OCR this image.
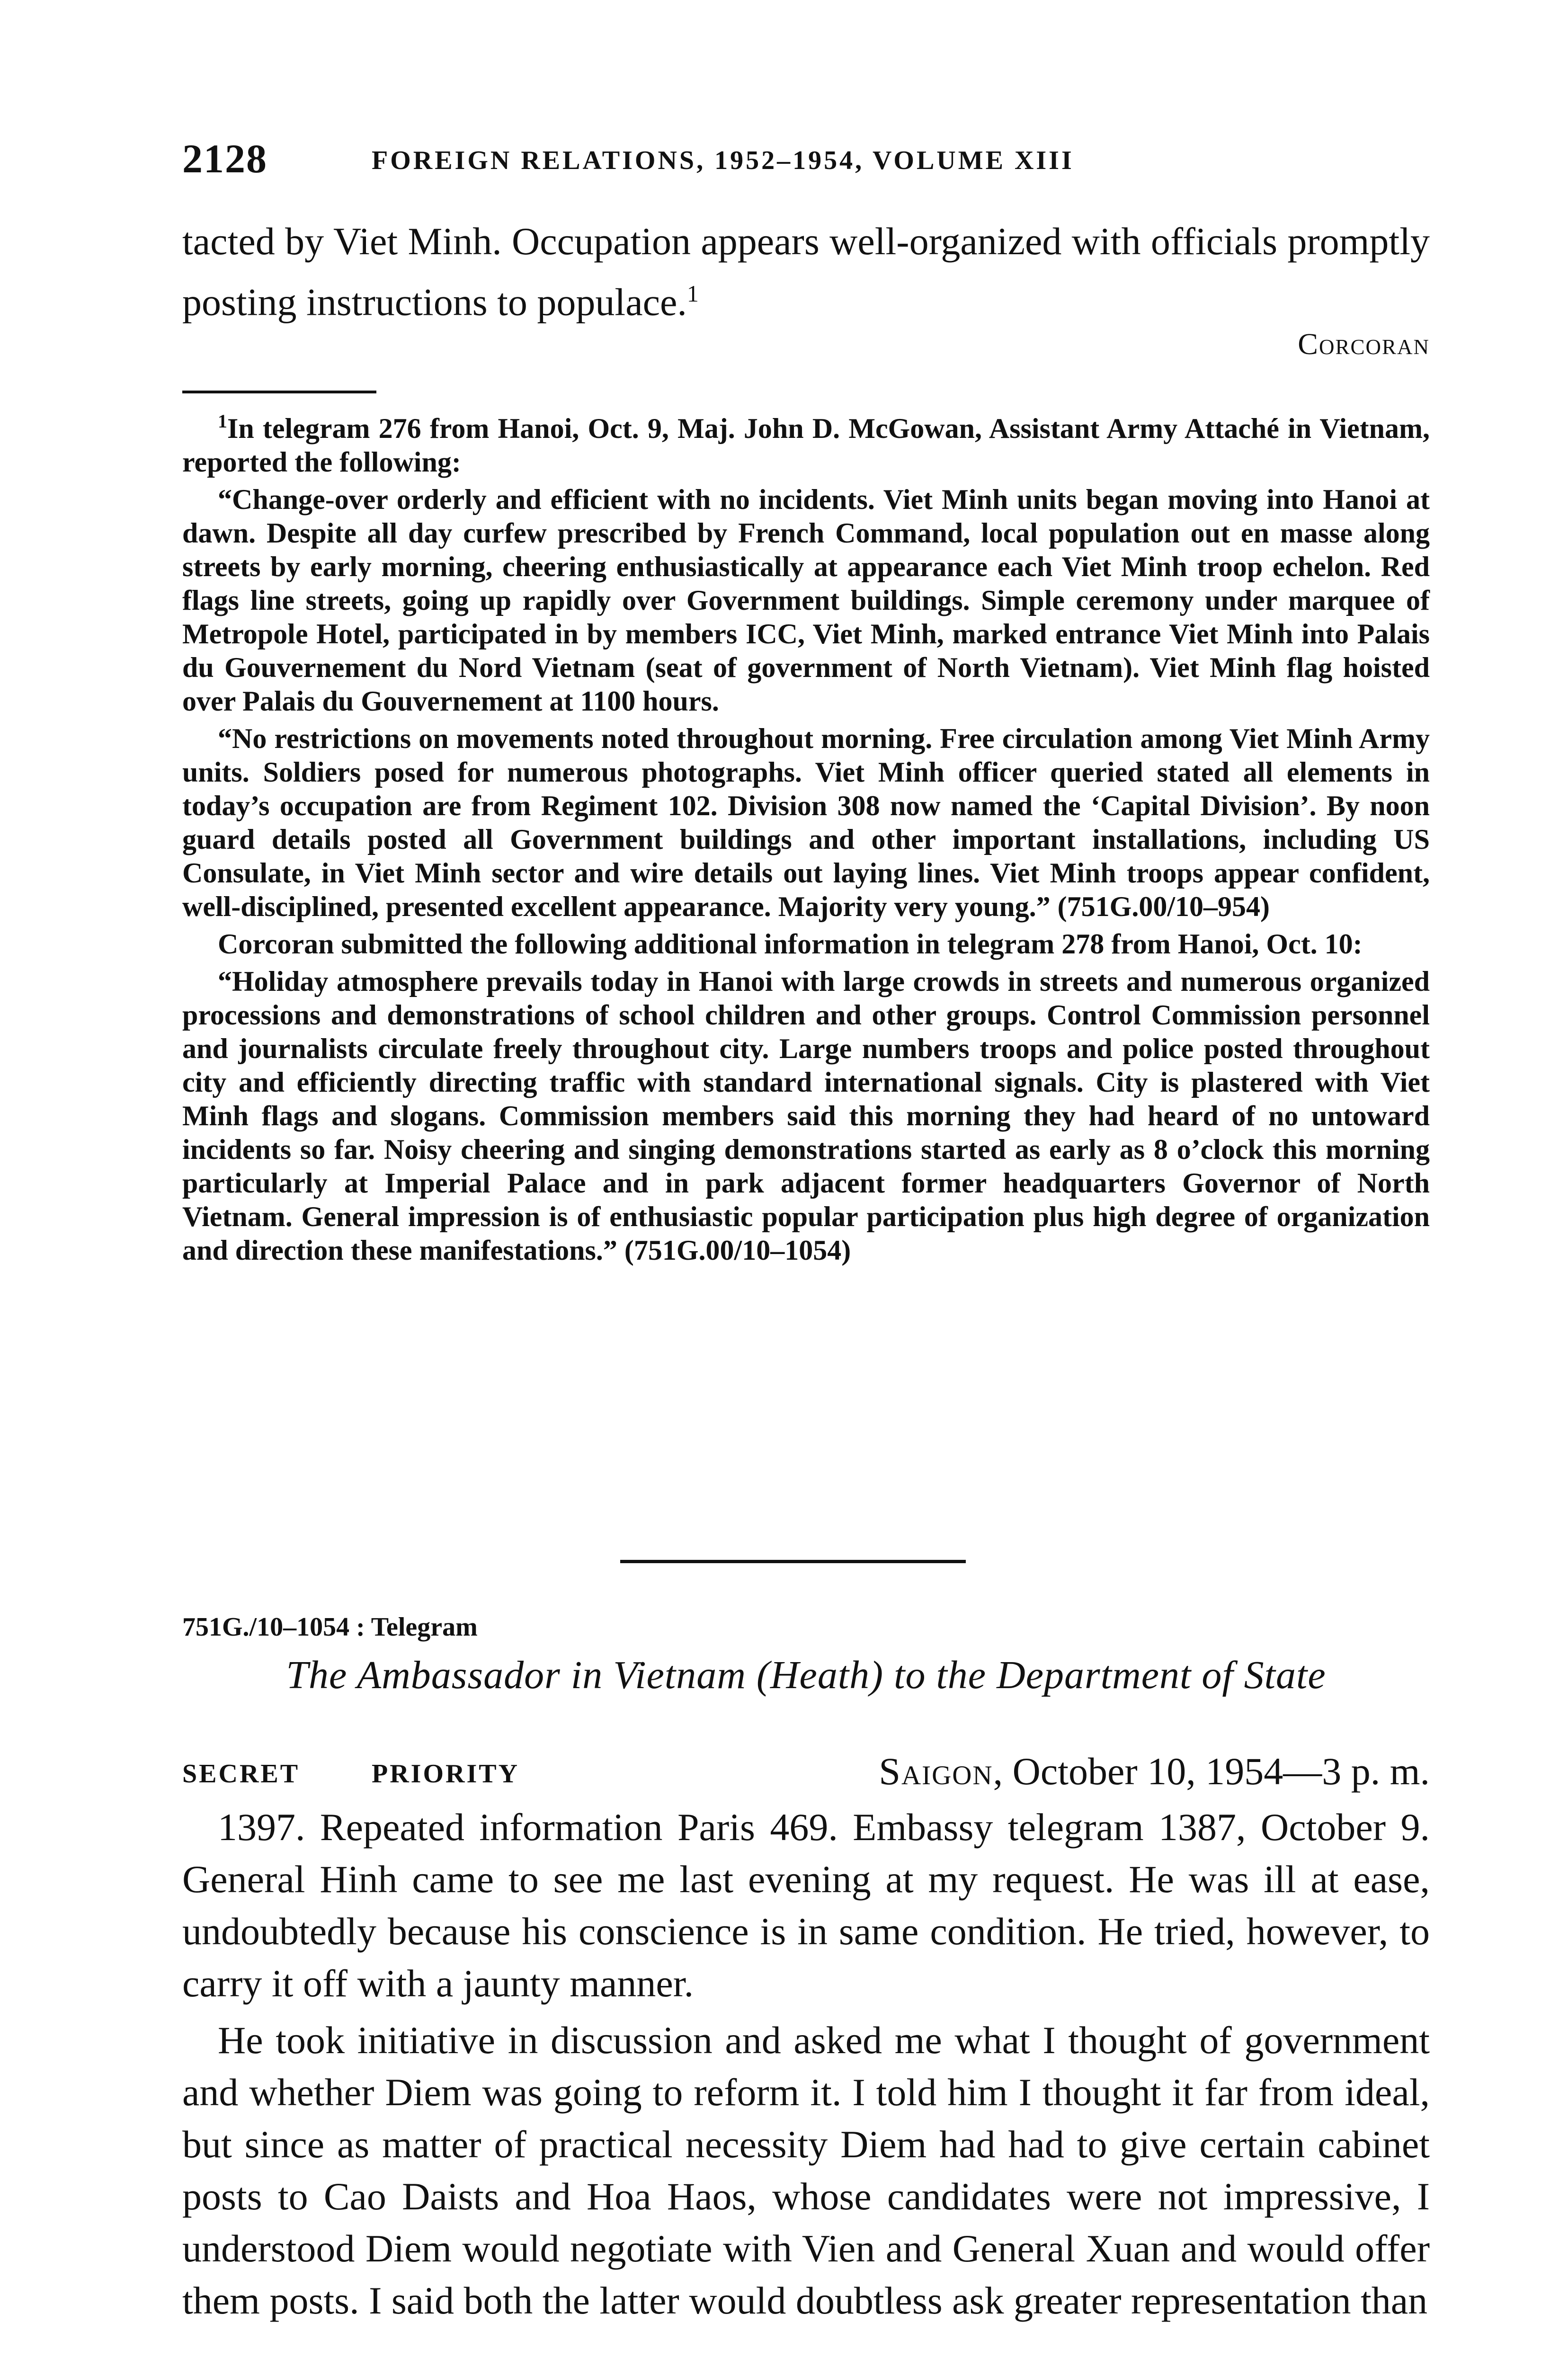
2128	FOREIGN RELATIONS, 1952–1954, VOLUME XIII

tacted by Viet Minh. Occupation appears well-organized with officials promptly posting instructions to populace.$^1$

Corcoran

$^1$In telegram 276 from Hanoi, Oct. 9, Maj. John D. McGowan, Assistant Army Attaché in Vietnam, reported the following:

“Change-over orderly and efficient with no incidents. Viet Minh units began moving into Hanoi at dawn. Despite all day curfew prescribed by French Command, local population out en masse along streets by early morning, cheering enthusiastically at appearance each Viet Minh troop echelon. Red flags line streets, going up rapidly over Government buildings. Simple ceremony under marquee of Metropole Hotel, participated in by members ICC, Viet Minh, marked entrance Viet Minh into Palais du Gouvernement du Nord Vietnam (seat of government of North Vietnam). Viet Minh flag hoisted over Palais du Gouvernement at 1100 hours.

“No restrictions on movements noted throughout morning. Free circulation among Viet Minh Army units. Soldiers posed for numerous photographs. Viet Minh officer queried stated all elements in today’s occupation are from Regiment 102. Division 308 now named the ‘Capital Division’. By noon guard details posted all Government buildings and other important installations, including US Consulate, in Viet Minh sector and wire details out laying lines. Viet Minh troops appear confident, well-disciplined, presented excellent appearance. Majority very young.” (751G.00/10–954)

Corcoran submitted the following additional information in telegram 278 from Hanoi, Oct. 10:

“Holiday atmosphere prevails today in Hanoi with large crowds in streets and numerous organized processions and demonstrations of school children and other groups. Control Commission personnel and journalists circulate freely throughout city. Large numbers troops and police posted throughout city and efficiently directing traffic with standard international signals. City is plastered with Viet Minh flags and slogans. Commission members said this morning they had heard of no untoward incidents so far. Noisy cheering and singing demonstrations started as early as 8 o’clock this morning particularly at Imperial Palace and in park adjacent former headquarters Governor of North Vietnam. General impression is of enthusiastic popular participation plus high degree of organization and direction these manifestations.” (751G.00/10–1054)

751G./10–1054 : Telegram
The Ambassador in Vietnam (Heath) to the Department of State
SECRET	PRIORITY	Saigon, October 10, 1954—3 p. m.

1397. Repeated information Paris 469. Embassy telegram 1387, October 9. General Hinh came to see me last evening at my request. He was ill at ease, undoubtedly because his conscience is in same condition. He tried, however, to carry it off with a jaunty manner.

He took initiative in discussion and asked me what I thought of government and whether Diem was going to reform it. I told him I thought it far from ideal, but since as matter of practical necessity Diem had had to give certain cabinet posts to Cao Daists and Hoa Haos, whose candidates were not impressive, I understood Diem would negotiate with Vien and General Xuan and would offer them posts. I said both the latter would doubtless ask greater representation than
